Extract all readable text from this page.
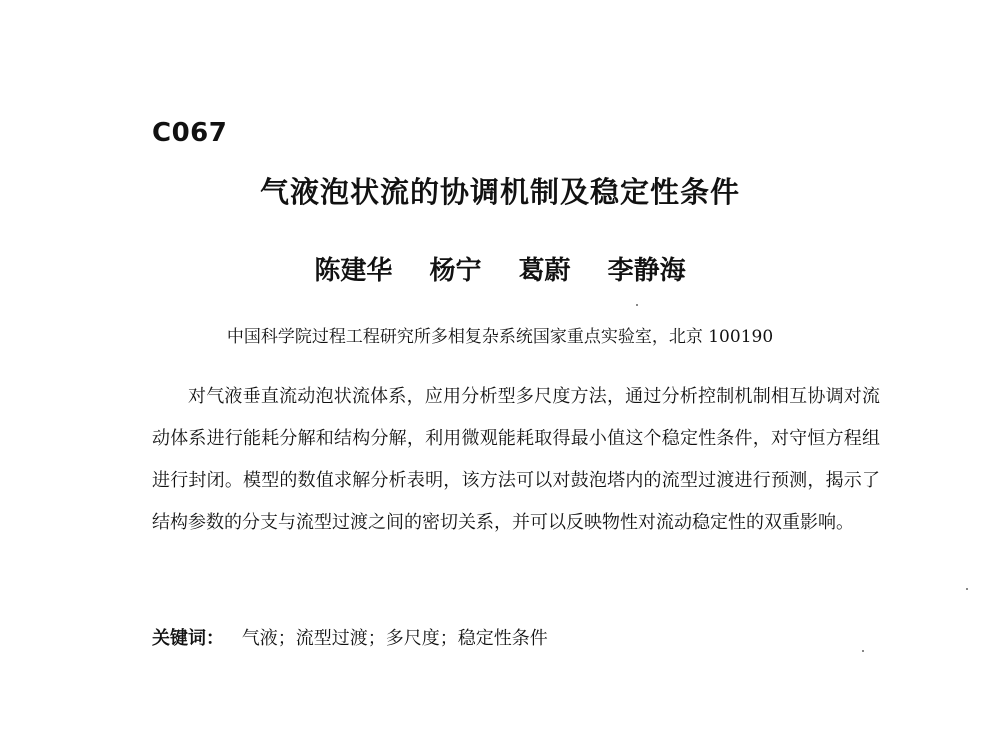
C067
气液泡状流的协调机制及稳定性条件
陈建华 杨宁 葛蔚 李静海
中国科学院过程工程研究所多相复杂系统国家重点实验室，北京 100190

对气液垂直流动泡状流体系，应用分析型多尺度方法，通过分析控制机制相互协调对流动体系进行能耗分解和结构分解，利用微观能耗取得最小值这个稳定性条件，对守恒方程组进行封闭。模型的数值求解分析表明，该方法可以对鼓泡塔内的流型过渡进行预测，揭示了结构参数的分支与流型过渡之间的密切关系，并可以反映物性对流动稳定性的双重影响。

关键词： 气液；流型过渡；多尺度；稳定性条件
